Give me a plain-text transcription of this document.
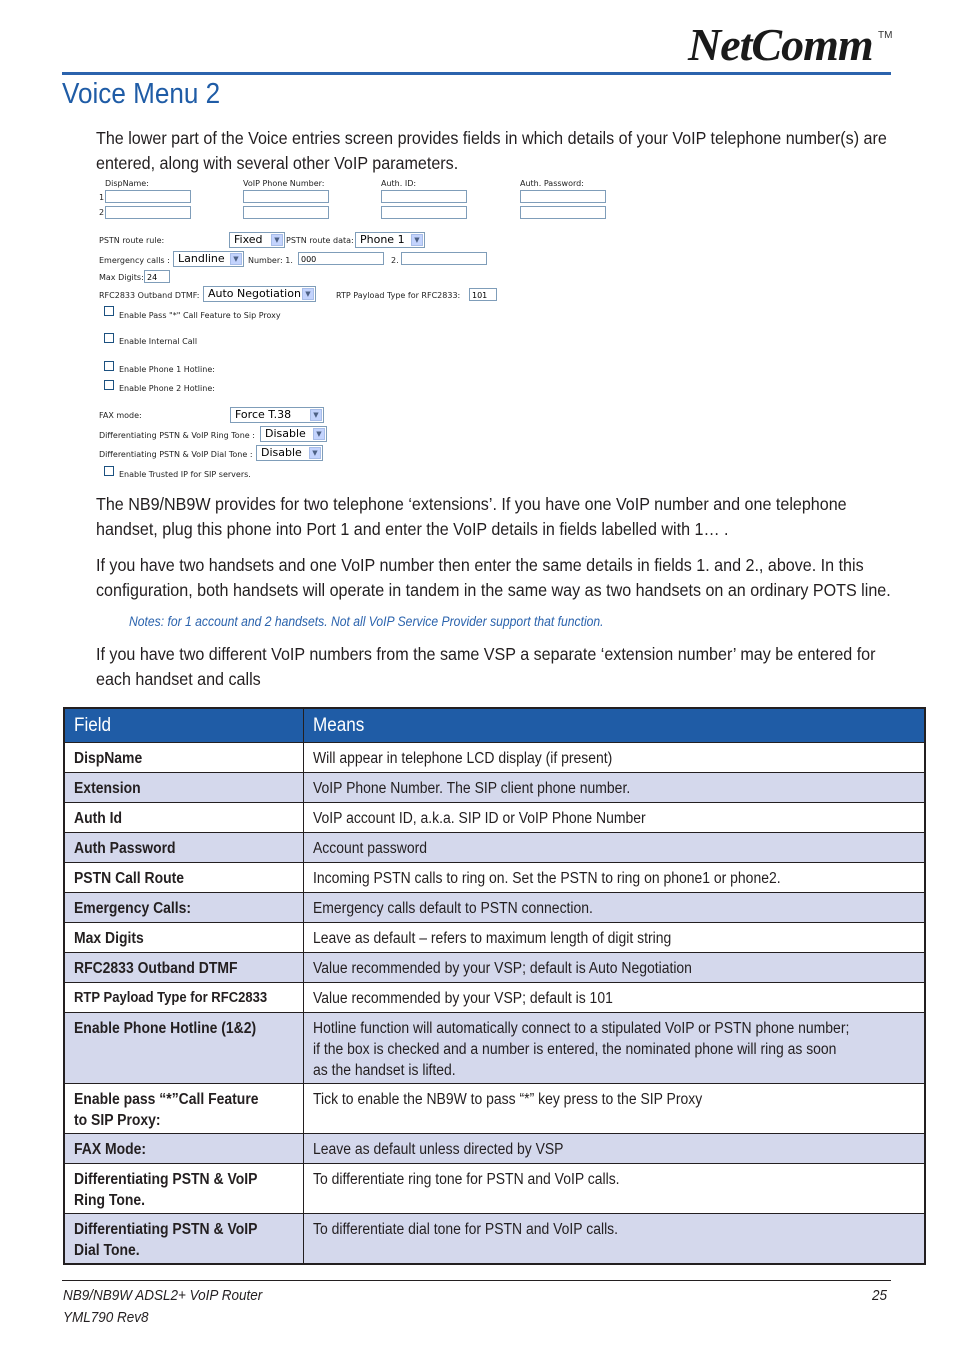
NetComm TM
Voice Menu 2
The lower part of the Voice entries screen provides fields in which details of your VoIP telephone number(s) are entered, along with several other VoIP parameters.
DispName:	VoIP Phone Number:	Auth. ID:	Auth. Password:
1
2
PSTN route rule:	Fixed	▼ PSTN route data: Phone 1	▼
Emergency calls : Landline	▼	Number: 1.	000	2.
Max Digits: 24
RFC2833 Outband DTMF: Auto Negotiation ▼	RTP Payload Type for RFC2833:	101
Enable Pass "*" Call Feature to Sip Proxy
Enable Internal Call
Enable Phone 1 Hotline:
Enable Phone 2 Hotline:
FAX mode:	Force T.38	▼
Differentiating PSTN & VoIP Ring Tone : Disable	▼
Differentiating PSTN & VoIP Dial Tone : Disable	▼
Enable Trusted IP for SIP servers.
The NB9/NB9W provides for two telephone ‘extensions’. If you have one VoIP number and one telephone handset, plug this phone into Port 1 and enter the VoIP details in fields labelled with 1… .
If you have two handsets and one VoIP number then enter the same details in fields 1. and 2., above. In this configuration, both handsets will operate in tandem in the same way as two handsets on an ordinary POTS line.
Notes: for 1 account and 2 handsets. Not all VoIP Service Provider support that function.
If you have two different VoIP numbers from the same VSP a separate ‘extension number’ may be entered for each handset and calls
Field	Means

DispName	Will appear in telephone LCD display (if present)

Extension	VoIP Phone Number. The SIP client phone number.

Auth Id	VoIP account ID, a.k.a. SIP ID or VoIP Phone Number

Auth Password	Account password

PSTN Call Route	Incoming PSTN calls to ring on. Set the PSTN to ring on phone1 or phone2.

Emergency Calls:	Emergency calls default to PSTN connection.

Max Digits	Leave as default – refers to maximum length of digit string

RFC2833 Outband DTMF	Value recommended by your VSP; default is Auto Negotiation

RTP Payload Type for RFC2833	Value recommended by your VSP; default is 101

Enable Phone Hotline (1&2)	Hotline function will automatically connect to a stipulated VoIP or PSTN phone number; if the box is checked and a number is entered, the nominated phone will ring as soon as the handset is lifted.

Enable pass “*”Call Feature to SIP Proxy:	Tick to enable the NB9W to pass “*” key press to the SIP Proxy

FAX Mode:	Leave as default unless directed by VSP

Differentiating PSTN & VoIP Ring Tone.	To differentiate ring tone for PSTN and VoIP calls.

Differentiating PSTN & VoIP Dial Tone.	To differentiate dial tone for PSTN and VoIP calls.
NB9/NB9W ADSL2+ VoIP Router
YML790 Rev8
25
